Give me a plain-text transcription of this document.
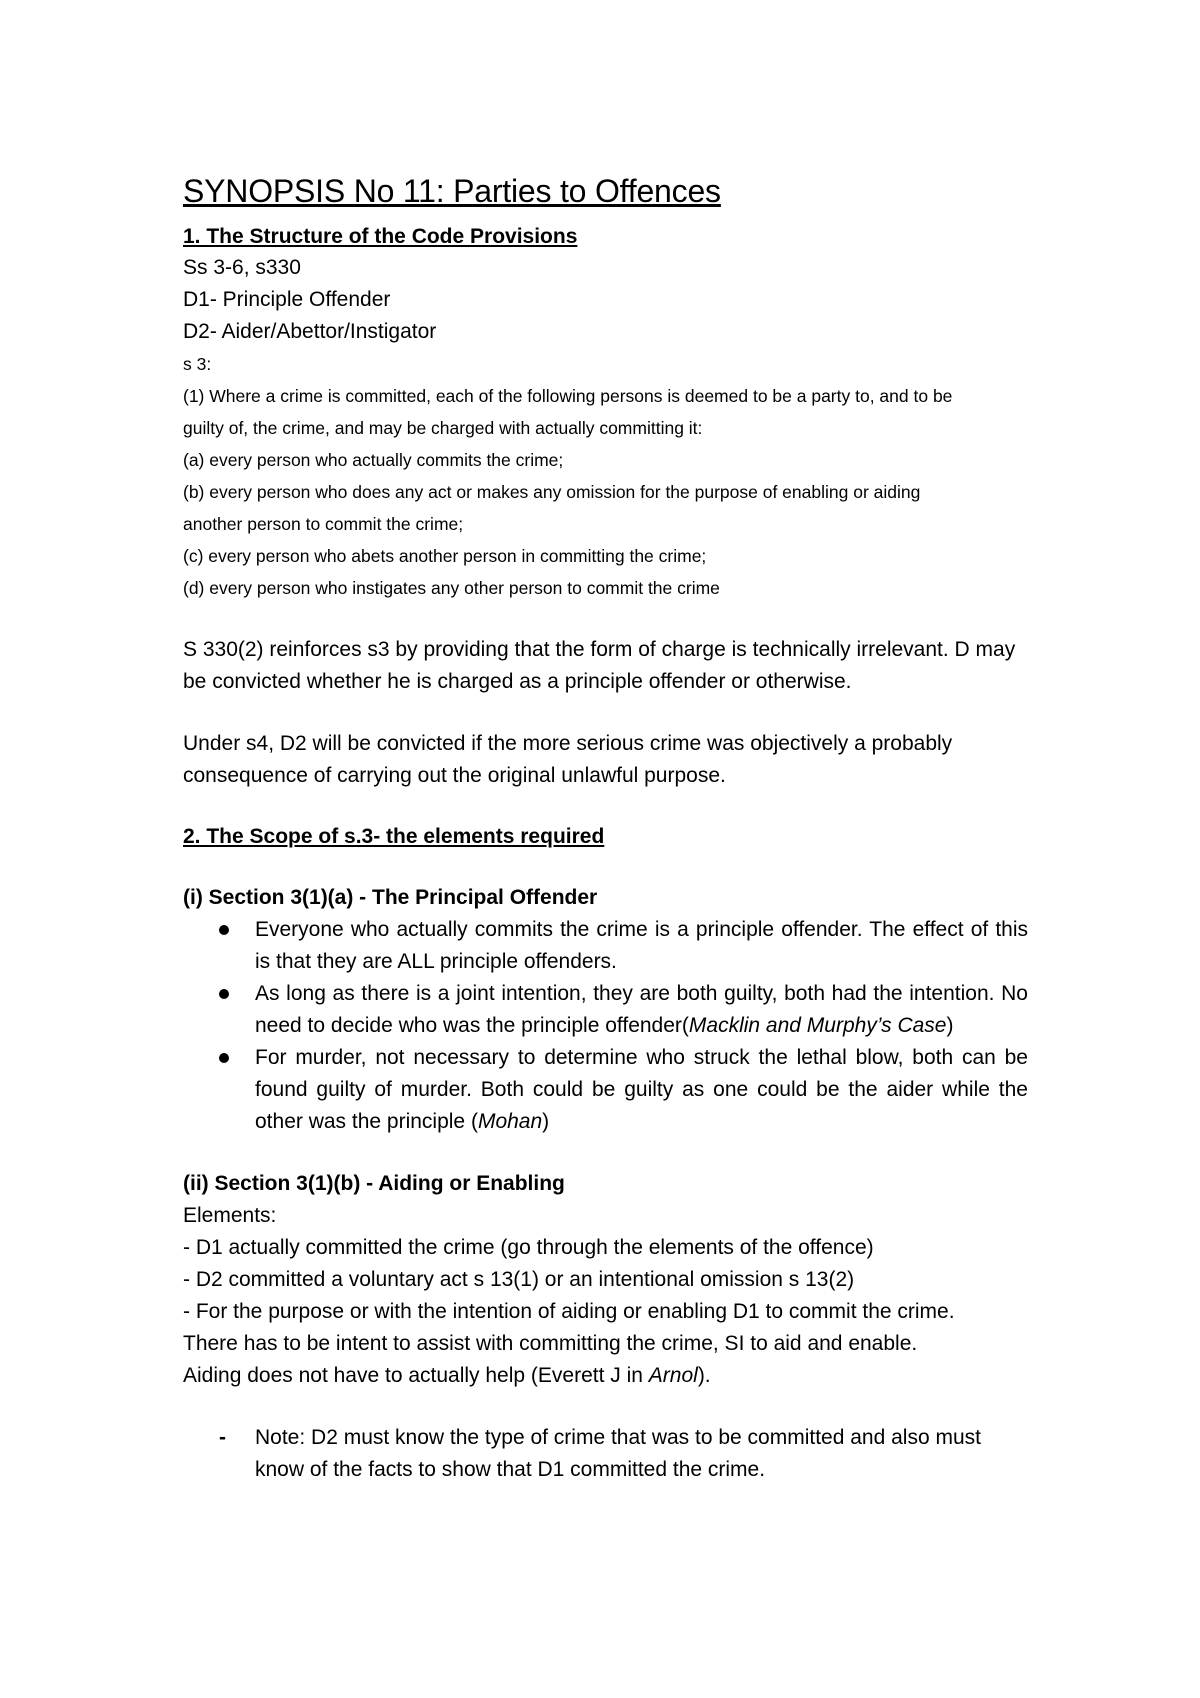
SYNOPSIS No 11: Parties to Offences

1. The Structure of the Code Provisions

Ss 3-6, s330

D1- Principle Offender

D2- Aider/Abettor/Instigator

s 3:

(1) Where a crime is committed, each of the following persons is deemed to be a party to, and to be

guilty of, the crime, and may be charged with actually committing it:

(a) every person who actually commits the crime;

(b) every person who does any act or makes any omission for the purpose of enabling or aiding

another person to commit the crime;

(c) every person who abets another person in committing the crime;

(d) every person who instigates any other person to commit the crime

S 330(2) reinforces s3 by providing that the form of charge is technically irrelevant. D may be convicted whether he is charged as a principle offender or otherwise.

Under s4, D2 will be convicted if the more serious crime was objectively a probably consequence of carrying out the original unlawful purpose.

2. The Scope of s.3- the elements required

(i) Section 3(1)(a) - The Principal Offender

Everyone who actually commits the crime is a principle offender. The effect of this is that they are ALL principle offenders.
As long as there is a joint intention, they are both guilty, both had the intention. No need to decide who was the principle offender(Macklin and Murphy’s Case)
For murder, not necessary to determine who struck the lethal blow, both can be found guilty of murder. Both could be guilty as one could be the aider while the other was the principle (Mohan)

(ii) Section 3(1)(b) - Aiding or Enabling

Elements:

- D1 actually committed the crime (go through the elements of the offence)

- D2 committed a voluntary act s 13(1) or an intentional omission s 13(2)

- For the purpose or with the intention of aiding or enabling D1 to commit the crime.

There has to be intent to assist with committing the crime, SI to aid and enable.

Aiding does not have to actually help (Everett J in Arnol).

- Note: D2 must know the type of crime that was to be committed and also must know of the facts to show that D1 committed the crime.
